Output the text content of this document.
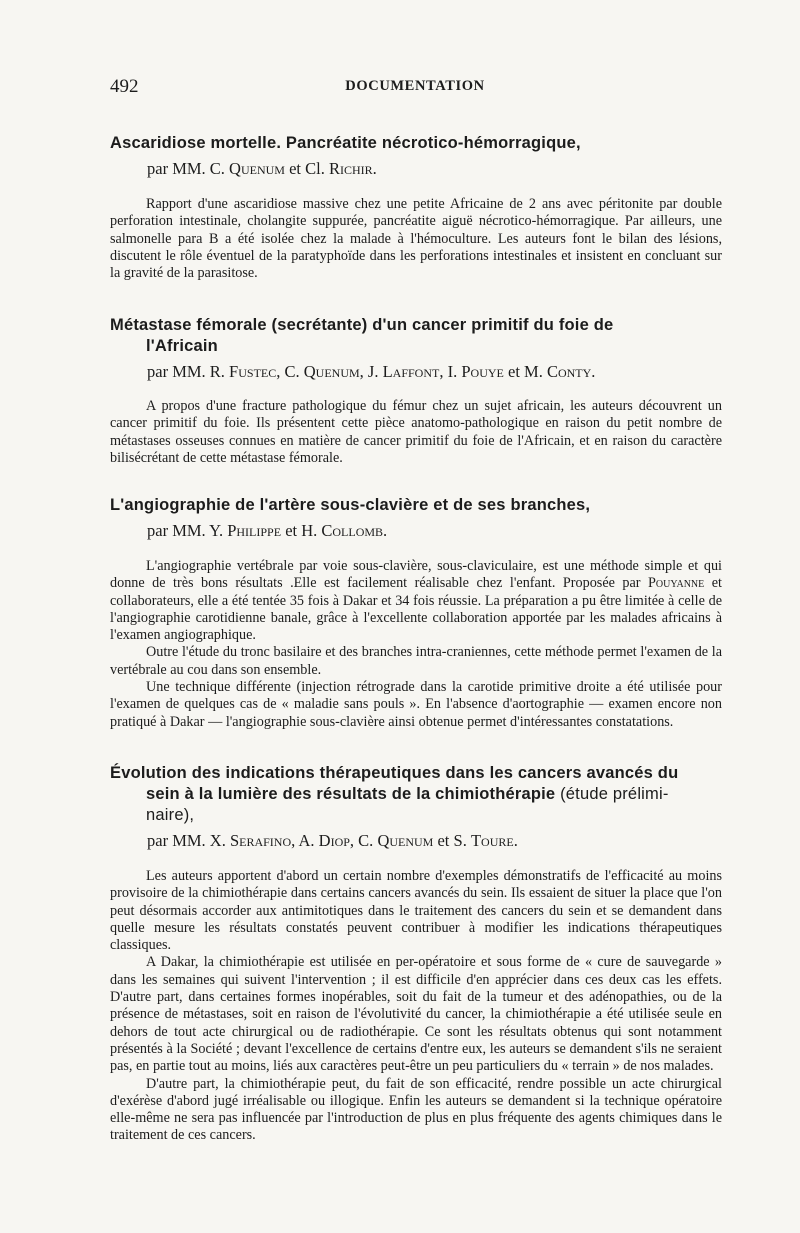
492	DOCUMENTATION
Ascaridiose mortelle. Pancréatite nécrotico-hémorragique,
par MM. C. Quenum et Cl. Richir.

Rapport d'une ascaridiose massive chez une petite Africaine de 2 ans avec péritonite par double perforation intestinale, cholangite suppurée, pancréatite aiguë nécrotico-hémorragique. Par ailleurs, une salmonelle para B a été isolée chez la malade à l'hémoculture. Les auteurs font le bilan des lésions, discutent le rôle éventuel de la paratyphoïde dans les perforations intestinales et insistent en concluant sur la gravité de la parasitose.

Métastase fémorale (secrétante) d'un cancer primitif du foie de
l'Africain
par MM. R. Fustec, C. Quenum, J. Laffont, I. Pouye et M. Conty.

A propos d'une fracture pathologique du fémur chez un sujet africain, les auteurs découvrent un cancer primitif du foie. Ils présentent cette pièce anatomo-pathologique en raison du petit nombre de métastases osseuses connues en matière de cancer primitif du foie de l'Africain, et en raison du caractère bilisécrétant de cette métastase fémorale.

L'angiographie de l'artère sous-clavière et de ses branches,
par MM. Y. Philippe et H. Collomb.

L'angiographie vertébrale par voie sous-clavière, sous-claviculaire, est une méthode simple et qui donne de très bons résultats .Elle est facilement réalisable chez l'enfant. Proposée par Pouyanne et collaborateurs, elle a été tentée 35 fois à Dakar et 34 fois réussie. La préparation a pu être limitée à celle de l'angiographie carotidienne banale, grâce à l'excellente collaboration apportée par les malades africains à l'examen angiographique.

Outre l'étude du tronc basilaire et des branches intra-craniennes, cette méthode permet l'examen de la vertébrale au cou dans son ensemble.

Une technique différente (injection rétrograde dans la carotide primitive droite a été utilisée pour l'examen de quelques cas de « maladie sans pouls ». En l'absence d'aortographie — examen encore non pratiqué à Dakar — l'angiographie sous-clavière ainsi obtenue permet d'intéressantes constatations.

Évolution des indications thérapeutiques dans les cancers avancés du
sein à la lumière des résultats de la chimiothérapie (étude prélimi-
naire),
par MM. X. Serafino, A. Diop, C. Quenum et S. Toure.

Les auteurs apportent d'abord un certain nombre d'exemples démonstratifs de l'efficacité au moins provisoire de la chimiothérapie dans certains cancers avancés du sein. Ils essaient de situer la place que l'on peut désormais accorder aux antimitotiques dans le traitement des cancers du sein et se demandent dans quelle mesure les résultats constatés peuvent contribuer à modifier les indications thérapeutiques classiques.

A Dakar, la chimiothérapie est utilisée en per-opératoire et sous forme de « cure de sauvegarde » dans les semaines qui suivent l'intervention ; il est difficile d'en apprécier dans ces deux cas les effets. D'autre part, dans certaines formes inopérables, soit du fait de la tumeur et des adénopathies, ou de la présence de métastases, soit en raison de l'évolutivité du cancer, la chimiothérapie a été utilisée seule en dehors de tout acte chirurgical ou de radiothérapie. Ce sont les résultats obtenus qui sont notamment présentés à la Société ; devant l'excellence de certains d'entre eux, les auteurs se demandent s'ils ne seraient pas, en partie tout au moins, liés aux caractères peut-être un peu particuliers du « terrain » de nos malades.

D'autre part, la chimiothérapie peut, du fait de son efficacité, rendre possible un acte chirurgical d'exérèse d'abord jugé irréalisable ou illogique. Enfin les auteurs se demandent si la technique opératoire elle-même ne sera pas influencée par l'introduction de plus en plus fréquente des agents chimiques dans le traitement de ces cancers.
